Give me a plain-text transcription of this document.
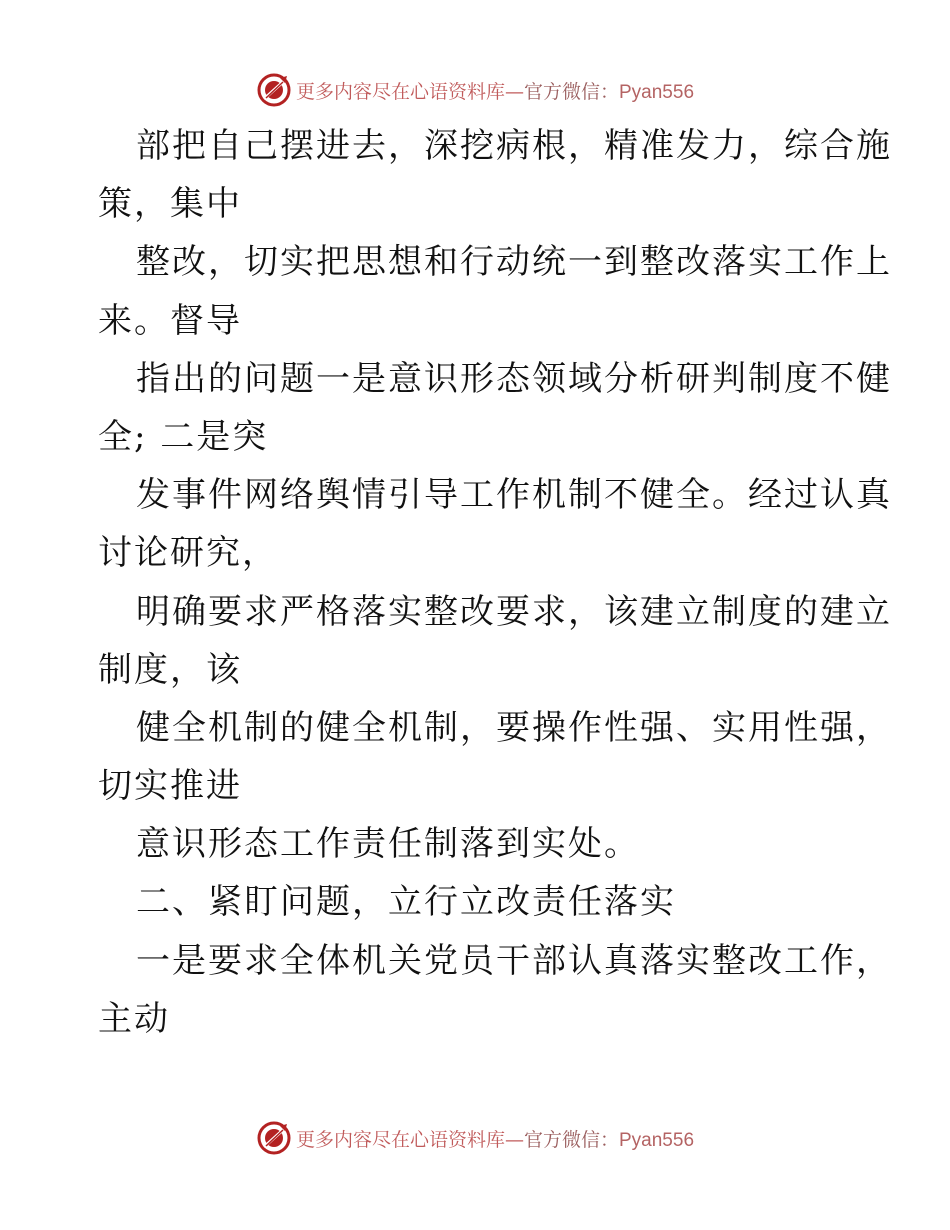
更多内容尽在心语资料库—官方微信：Pyan556
部把自己摆进去，深挖病根，精准发力，综合施
策，集中
整改，切实把思想和行动统一到整改落实工作上
来。督导
指出的问题一是意识形态领域分析研判制度不健
全; 二是突
发事件网络舆情引导工作机制不健全。经过认真
讨论研究，
明确要求严格落实整改要求，该建立制度的建立
制度，该
健全机制的健全机制，要操作性强、实用性强，
切实推进
意识形态工作责任制落到实处。
二、紧盯问题，立行立改责任落实
一是要求全体机关党员干部认真落实整改工作，
主动
更多内容尽在心语资料库—官方微信：Pyan556
